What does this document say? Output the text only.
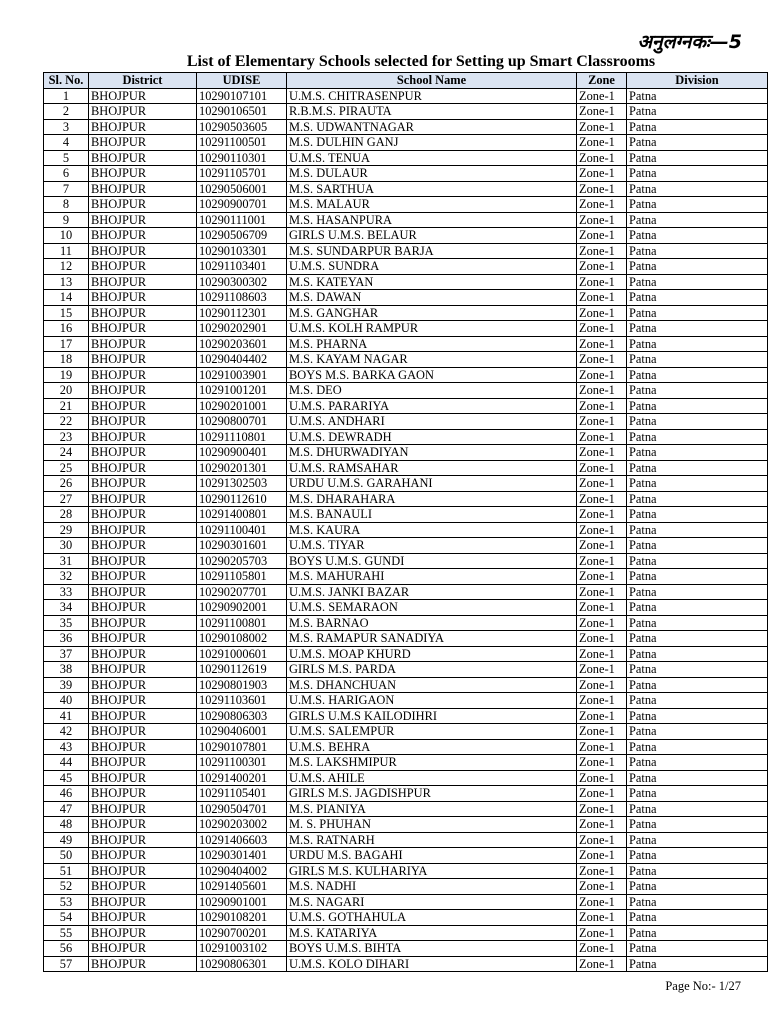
अनुलग्नकः—5
List of Elementary Schools selected for Setting up Smart Classrooms
Sl. No.	District	UDISE	School Name	Zone	Division
1	BHOJPUR	10290107101	U.M.S. CHITRASENPUR	Zone-1	Patna
2	BHOJPUR	10290106501	R.B.M.S. PIRAUTA	Zone-1	Patna
3	BHOJPUR	10290503605	M.S. UDWANTNAGAR	Zone-1	Patna
4	BHOJPUR	10291100501	M.S. DULHIN GANJ	Zone-1	Patna
5	BHOJPUR	10290110301	U.M.S. TENUA	Zone-1	Patna
6	BHOJPUR	10291105701	M.S. DULAUR	Zone-1	Patna
7	BHOJPUR	10290506001	M.S. SARTHUA	Zone-1	Patna
8	BHOJPUR	10290900701	M.S. MALAUR	Zone-1	Patna
9	BHOJPUR	10290111001	M.S. HASANPURA	Zone-1	Patna
10	BHOJPUR	10290506709	GIRLS U.M.S. BELAUR	Zone-1	Patna
11	BHOJPUR	10290103301	M.S. SUNDARPUR BARJA	Zone-1	Patna
12	BHOJPUR	10291103401	U.M.S. SUNDRA	Zone-1	Patna
13	BHOJPUR	10290300302	M.S. KATEYAN	Zone-1	Patna
14	BHOJPUR	10291108603	M.S. DAWAN	Zone-1	Patna
15	BHOJPUR	10290112301	M.S. GANGHAR	Zone-1	Patna
16	BHOJPUR	10290202901	U.M.S. KOLH RAMPUR	Zone-1	Patna
17	BHOJPUR	10290203601	M.S. PHARNA	Zone-1	Patna
18	BHOJPUR	10290404402	M.S. KAYAM NAGAR	Zone-1	Patna
19	BHOJPUR	10291003901	BOYS M.S. BARKA GAON	Zone-1	Patna
20	BHOJPUR	10291001201	M.S. DEO	Zone-1	Patna
21	BHOJPUR	10290201001	U.M.S. PARARIYA	Zone-1	Patna
22	BHOJPUR	10290800701	U.M.S. ANDHARI	Zone-1	Patna
23	BHOJPUR	10291110801	U.M.S. DEWRADH	Zone-1	Patna
24	BHOJPUR	10290900401	M.S. DHURWADIYAN	Zone-1	Patna
25	BHOJPUR	10290201301	U.M.S. RAMSAHAR	Zone-1	Patna
26	BHOJPUR	10291302503	URDU U.M.S. GARAHANI	Zone-1	Patna
27	BHOJPUR	10290112610	M.S. DHARAHARA	Zone-1	Patna
28	BHOJPUR	10291400801	M.S. BANAULI	Zone-1	Patna
29	BHOJPUR	10291100401	M.S. KAURA	Zone-1	Patna
30	BHOJPUR	10290301601	U.M.S. TIYAR	Zone-1	Patna
31	BHOJPUR	10290205703	BOYS U.M.S. GUNDI	Zone-1	Patna
32	BHOJPUR	10291105801	M.S. MAHURAHI	Zone-1	Patna
33	BHOJPUR	10290207701	U.M.S. JANKI BAZAR	Zone-1	Patna
34	BHOJPUR	10290902001	U.M.S. SEMARAON	Zone-1	Patna
35	BHOJPUR	10291100801	M.S. BARNAO	Zone-1	Patna
36	BHOJPUR	10290108002	M.S. RAMAPUR SANADIYA	Zone-1	Patna
37	BHOJPUR	10291000601	U.M.S. MOAP KHURD	Zone-1	Patna
38	BHOJPUR	10290112619	GIRLS M.S. PARDA	Zone-1	Patna
39	BHOJPUR	10290801903	M.S. DHANCHUAN	Zone-1	Patna
40	BHOJPUR	10291103601	U.M.S. HARIGAON	Zone-1	Patna
41	BHOJPUR	10290806303	GIRLS U.M.S KAILODIHRI	Zone-1	Patna
42	BHOJPUR	10290406001	U.M.S. SALEMPUR	Zone-1	Patna
43	BHOJPUR	10290107801	U.M.S. BEHRA	Zone-1	Patna
44	BHOJPUR	10291100301	M.S. LAKSHMIPUR	Zone-1	Patna
45	BHOJPUR	10291400201	U.M.S. AHILE	Zone-1	Patna
46	BHOJPUR	10291105401	GIRLS M.S. JAGDISHPUR	Zone-1	Patna
47	BHOJPUR	10290504701	M.S. PIANIYA	Zone-1	Patna
48	BHOJPUR	10290203002	M. S. PHUHAN	Zone-1	Patna
49	BHOJPUR	10291406603	M.S. RATNARH	Zone-1	Patna
50	BHOJPUR	10290301401	URDU M.S. BAGAHI	Zone-1	Patna
51	BHOJPUR	10290404002	GIRLS M.S. KULHARIYA	Zone-1	Patna
52	BHOJPUR	10291405601	M.S. NADHI	Zone-1	Patna
53	BHOJPUR	10290901001	M.S. NAGARI	Zone-1	Patna
54	BHOJPUR	10290108201	U.M.S. GOTHAHULA	Zone-1	Patna
55	BHOJPUR	10290700201	M.S. KATARIYA	Zone-1	Patna
56	BHOJPUR	10291003102	BOYS U.M.S. BIHTA	Zone-1	Patna
57	BHOJPUR	10290806301	U.M.S. KOLO DIHARI	Zone-1	Patna
Page No:- 1/27
